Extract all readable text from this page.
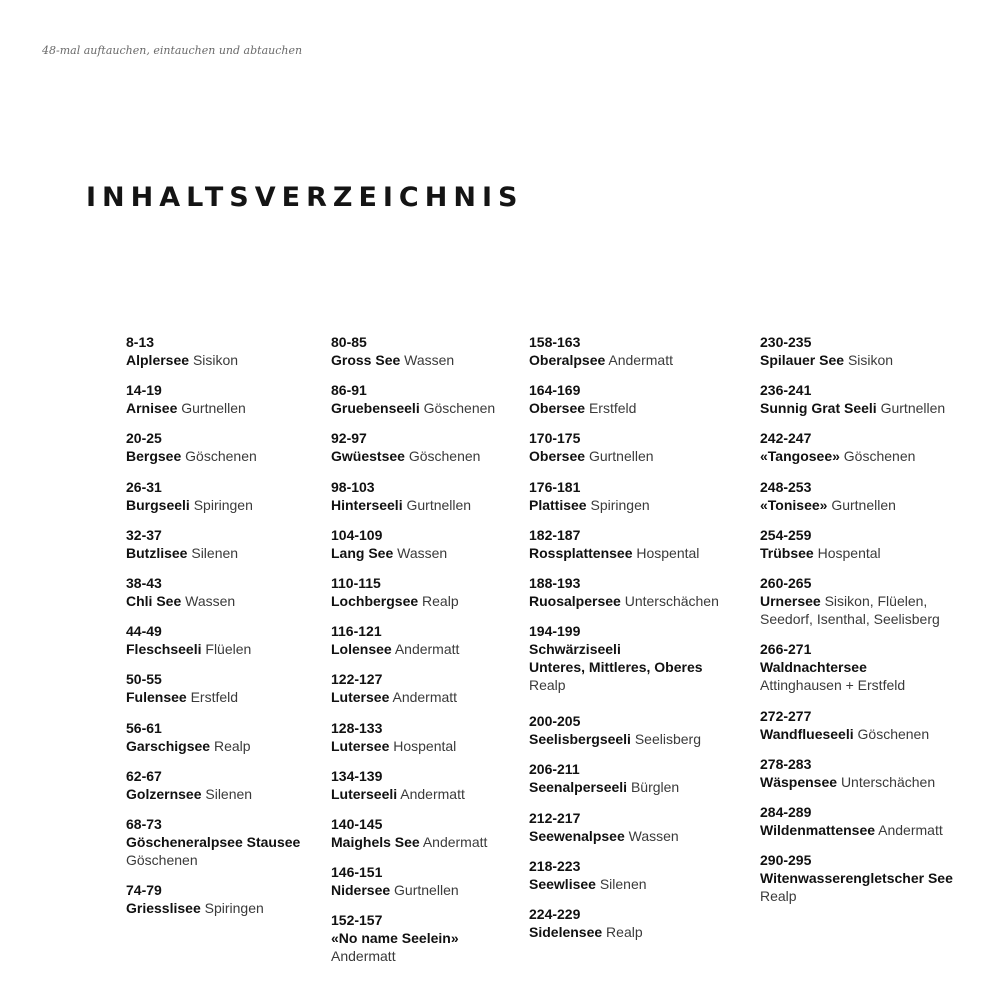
48-mal auftauchen, eintauchen und abtauchen
INHALTSVERZEICHNIS
8-13
Alplersee Sisikon
14-19
Arnisee Gurtnellen
20-25
Bergsee Göschenen
26-31
Burgseeli Spiringen
32-37
Butzlisee Silenen
38-43
Chli See Wassen
44-49
Fleschseeli Flüelen
50-55
Fulensee Erstfeld
56-61
Garschigsee Realp
62-67
Golzernsee Silenen
68-73
Göscheneralpsee Stausee
Göschenen
74-79
Griesslisee Spiringen
80-85
Gross See Wassen
86-91
Gruebenseeli Göschenen
92-97
Gwüestsee Göschenen
98-103
Hinterseeli Gurtnellen
104-109
Lang See Wassen
110-115
Lochbergsee Realp
116-121
Lolensee Andermatt
122-127
Lutersee Andermatt
128-133
Lutersee Hospental
134-139
Luterseeli Andermatt
140-145
Maighels See Andermatt
146-151
Nidersee Gurtnellen
152-157
«No name Seelein»
Andermatt
158-163
Oberalpsee Andermatt
164-169
Obersee Erstfeld
170-175
Obersee Gurtnellen
176-181
Plattisee Spiringen
182-187
Rossplattensee Hospental
188-193
Ruosalpersee Unterschächen
194-199
Schwärziseeli
Unteres, Mittleres, Oberes
Realp
200-205
Seelisbergseeli Seelisberg
206-211
Seenalperseeli Bürglen
212-217
Seewenalpsee Wassen
218-223
Seewlisee Silenen
224-229
Sidelensee Realp
230-235
Spilauer See Sisikon
236-241
Sunnig Grat Seeli Gurtnellen
242-247
«Tangosee» Göschenen
248-253
«Tonisee» Gurtnellen
254-259
Trübsee Hospental
260-265
Urnersee Sisikon, Flüelen,
Seedorf, Isenthal, Seelisberg
266-271
Waldnachtersee
Attinghausen + Erstfeld
272-277
Wandflueseeli Göschenen
278-283
Wäspensee Unterschächen
284-289
Wildenmattensee Andermatt
290-295
Witenwasserengletscher See
Realp
